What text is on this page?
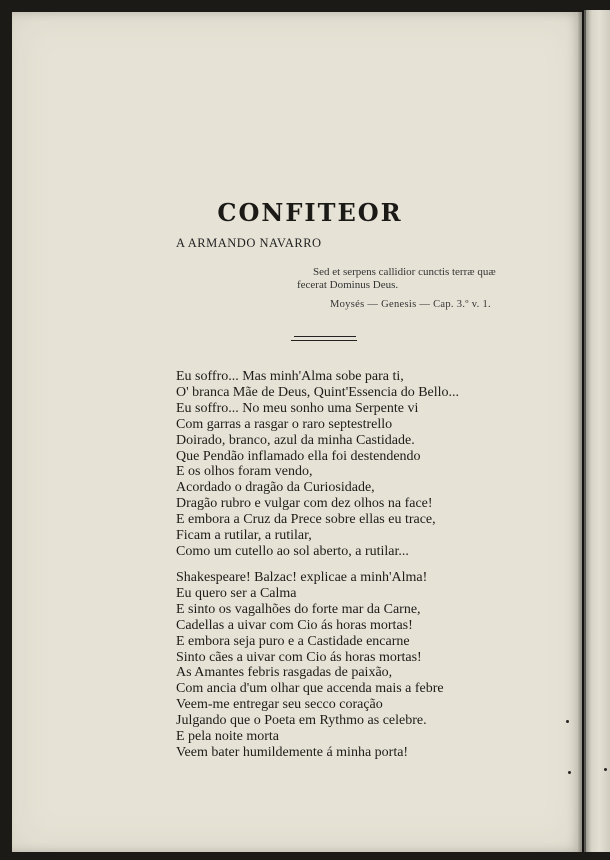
CONFITEOR
A ARMANDO NAVARRO
Sed et serpens callidior cunctis terræ quæ
fecerat Dominus Deus.
Moysés — Genesis — Cap. 3.º v. 1.
Eu soffro... Mas minh'Alma sobe para ti,
O' branca Mãe de Deus, Quint'Essencia do Bello...
Eu soffro... No meu sonho uma Serpente vi
Com garras a rasgar o raro septestrello
Doirado, branco, azul da minha Castidade.
Que Pendão inflamado ella foi destendendo
E os olhos foram vendo,
Acordado o dragão da Curiosidade,
Dragão rubro e vulgar com dez olhos na face!
E embora a Cruz da Prece sobre ellas eu trace,
Ficam a rutilar, a rutilar,
Como um cutello ao sol aberto, a rutilar...
Shakespeare! Balzac! explicae a minh'Alma!
Eu quero ser a Calma
E sinto os vagalhões do forte mar da Carne,
Cadellas a uivar com Cio ás horas mortas!
E embora seja puro e a Castidade encarne
Sinto cães a uivar com Cio ás horas mortas!
As Amantes febris rasgadas de paixão,
Com ancia d'um olhar que accenda mais a febre
Veem-me entregar seu secco coração
Julgando que o Poeta em Rythmo as celebre.
E pela noite morta
Veem bater humildemente á minha porta!
